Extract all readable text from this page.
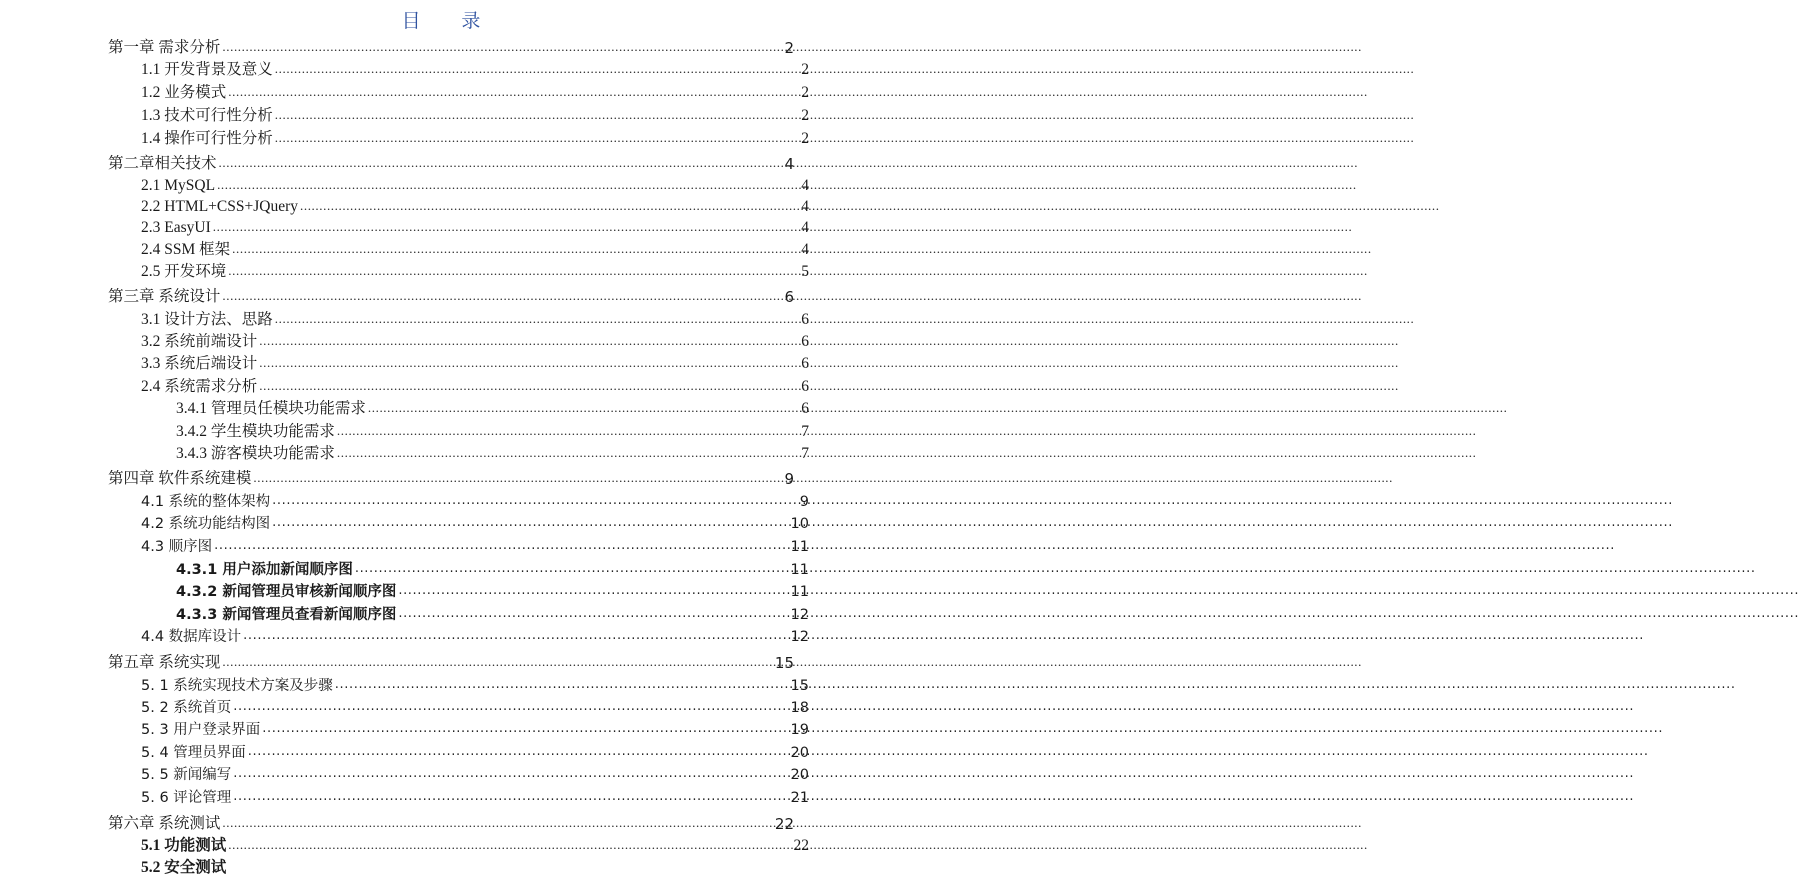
目 录
第一章 需求分析 .....	2
1.1 开发背景及意义 .....	2
1.2 业务模式 .....	2
1.3 技术可行性分析 .....	2
1.4 操作可行性分析 .....	2
第二章相关技术 .....	4
2.1 MySQL .....	4
2.2 HTML+CSS+JQuery .....	4
2.3 EasyUI .....	4
2.4 SSM 框架 .....	4
2.5 开发环境 .....	5
第三章 系统设计 .....	6
3.1 设计方法、思路 .....	6
3.2 系统前端设计 .....	6
3.3 系统后端设计 .....	6
2.4 系统需求分析 .....	6
3.4.1 管理员任模块功能需求 .....	6
3.4.2 学生模块功能需求 .....	7
3.4.3 游客模块功能需求 .....	7
第四章 软件系统建模 .....	9
4.1 系统的整体架构 .....	9
4.2 系统功能结构图 .....	10
4.3 顺序图 .....	11
4.3.1 用户添加新闻顺序图 .....	11
4.3.2 新闻管理员审核新闻顺序图 .....	11
4.3.3 新闻管理员查看新闻顺序图 .....	12
4.4 数据库设计 .....	12
第五章 系统实现 .....	15
5. 1 系统实现技术方案及步骤 .....	15
5. 2 系统首页 .....	18
5. 3 用户登录界面 .....	19
5. 4 管理员界面 .....	20
5. 5 新闻编写 .....	20
5. 6 评论管理 .....	21
第六章 系统测试 .....	22
5.1 功能测试 .....	22
5.2 安全测试
